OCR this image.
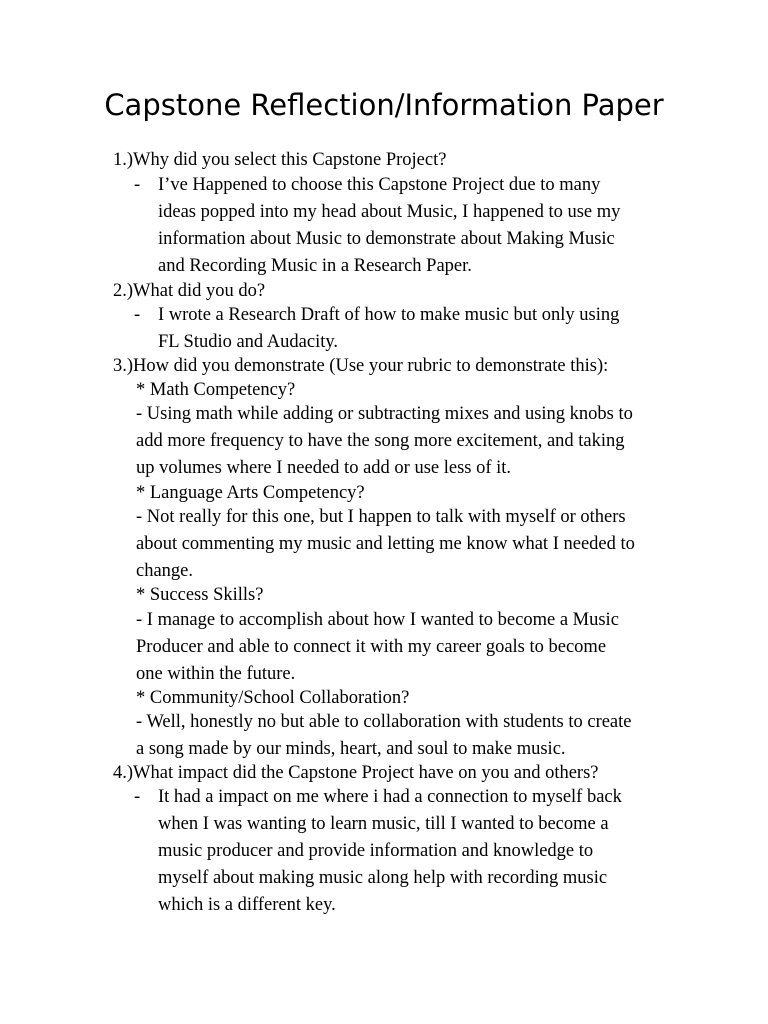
Capstone Reflection/Information Paper
1.)Why did you select this Capstone Project?
- I’ve Happened to choose this Capstone Project due to many
ideas popped into my head about Music, I happened to use my
information about Music to demonstrate about Making Music
and Recording Music in a Research Paper.
2.)What did you do?
- I wrote a Research Draft of how to make music but only using
FL Studio and Audacity.
3.)How did you demonstrate (Use your rubric to demonstrate this):
* Math Competency?
- Using math while adding or subtracting mixes and using knobs to
add more frequency to have the song more excitement, and taking
up volumes where I needed to add or use less of it.
* Language Arts Competency?
- Not really for this one, but I happen to talk with myself or others
about commenting my music and letting me know what I needed to
change.
* Success Skills?
- I manage to accomplish about how I wanted to become a Music
Producer and able to connect it with my career goals to become
one within the future.
* Community/School Collaboration?
- Well, honestly no but able to collaboration with students to create
a song made by our minds, heart, and soul to make music.
4.)What impact did the Capstone Project have on you and others?
- It had a impact on me where i had a connection to myself back
when I was wanting to learn music, till I wanted to become a
music producer and provide information and knowledge to
myself about making music along help with recording music
which is a different key.
